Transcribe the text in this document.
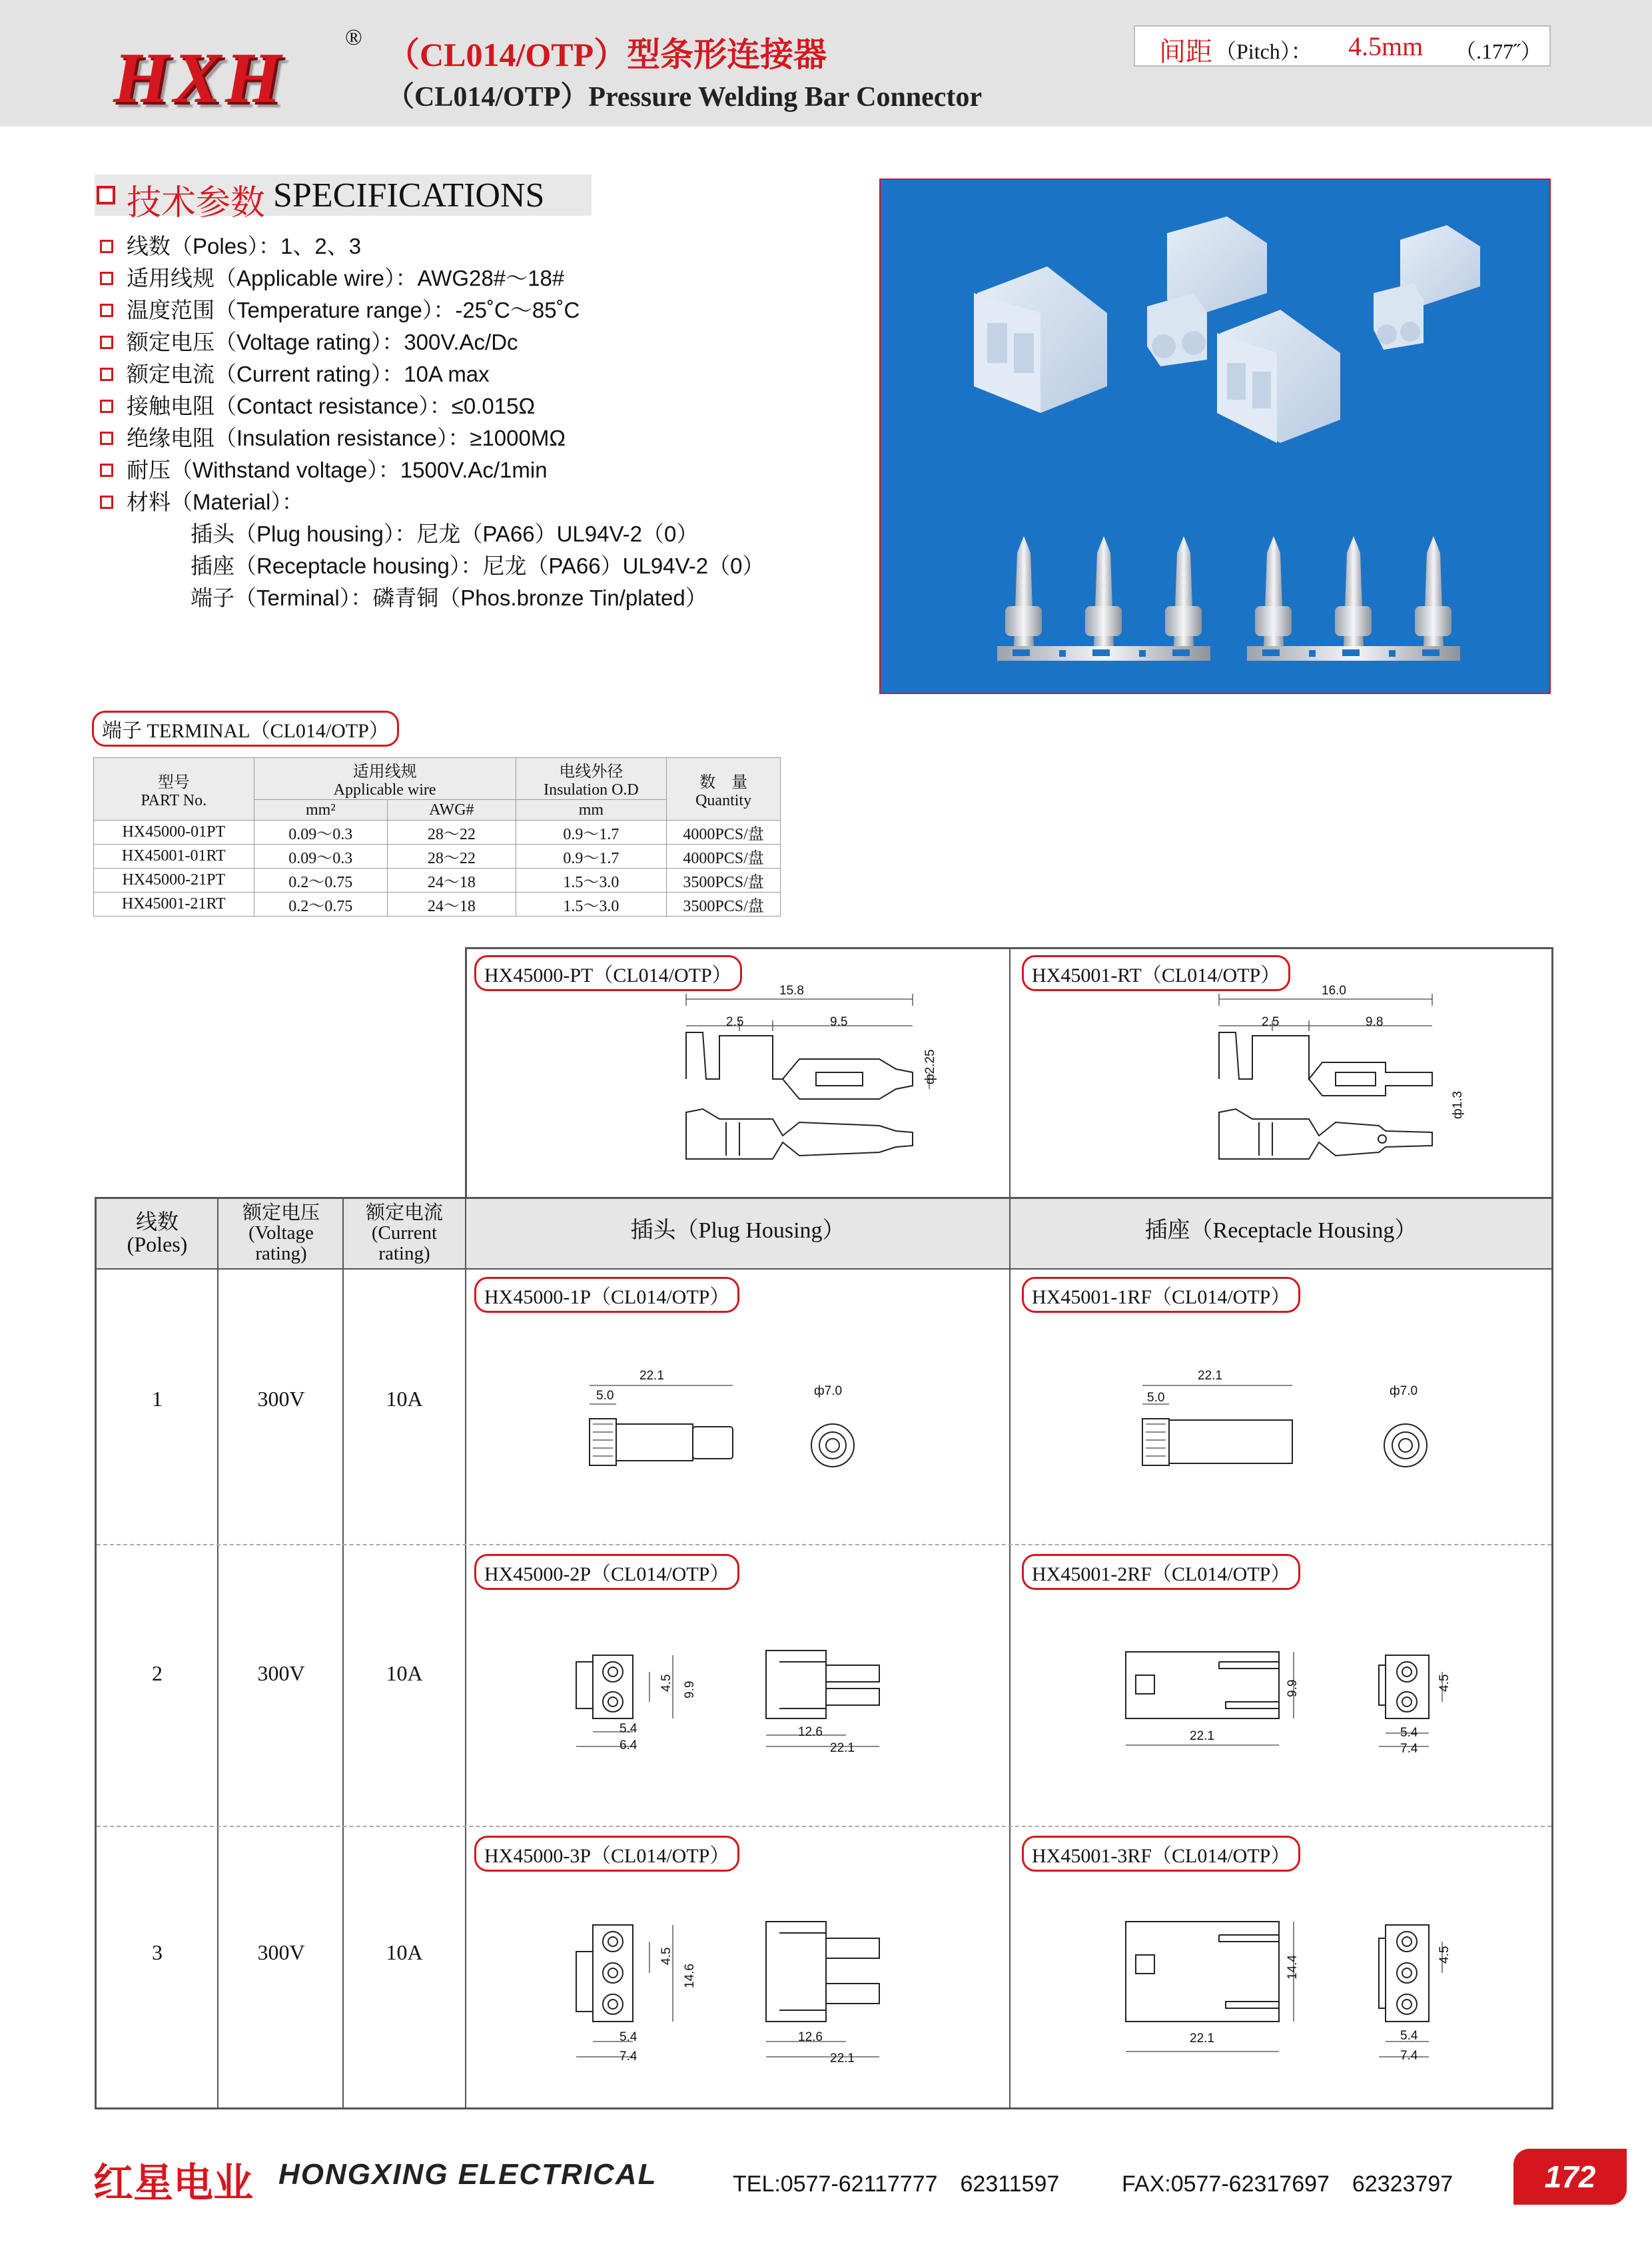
HXH
® （CL014/OTP）型条形连接器
（CL014/OTP）Pressure Welding Bar Connector
间距 （Pitch）： 4.5mm （.177˝）
技术参数 SPECIFICATIONS
线数（Poles）：1、2、3
适用线规（Applicable wire）：AWG28#～18#
温度范围（Temperature range）：-25˚C～85˚C
额定电压（Voltage rating）：300V.Ac/Dc
额定电流（Current rating）：10A max
接触电阻（Contact resistance）：≤0.015Ω
绝缘电阻（Insulation resistance）：≥1000MΩ
耐压（Withstand voltage）：1500V.Ac/1min
材料（Material）：
插头（Plug housing）：尼龙（PA66）UL94V-2（0）
插座（Receptacle housing）：尼龙（PA66）UL94V-2（0）
端子（Terminal）：磷青铜（Phos.bronze Tin/plated）
端子 TERMINAL（CL014/OTP）
型号
PART No.	适用线规
Applicable wire		电线外径
Insulation O.D	数　量
Quantity
	mm²	AWG#	mm	
HX45000-01PT	0.09～0.3	28～22	0.9～1.7	4000PCS/盘
HX45001-01RT	0.09～0.3	28～22	0.9～1.7	4000PCS/盘
HX45000-21PT	0.2～0.75	24～18	1.5～3.0	3500PCS/盘
HX45001-21RT	0.2～0.75	24～18	1.5～3.0	3500PCS/盘
HX45000-PT（CL014/OTP）	HX45001-RT（CL014/OTP）
15.8
2.5	9.5
ф2.25
16.0
2.5	9.8
ф1.3
线数
(Poles)
额定电压
(Voltage
rating)
额定电流
(Current
rating)
插头（Plug Housing）	插座（Receptacle Housing）
1	300V	10A
HX45000-1P（CL014/OTP）	HX45001-1RF（CL014/OTP）
22.1
5.0	ф7.0
22.1
5.0	ф7.0
2	300V	10A
HX45000-2P（CL014/OTP）	HX45001-2RF（CL014/OTP）
5.4
6.4
4.5 9.9
12.6
22.1
22.1
9.9	4.5
5.4
7.4
3	300V	10A
HX45000-3P（CL014/OTP）	HX45001-3RF（CL014/OTP）
5.4
7.4
4.5
14.6
12.6
22.1
22.1
14.4
4.5
5.4
7.4
红星电业 HONGXING ELECTRICAL	TEL:0577-62117777　62311597	FAX:0577-62317697　62323797	172
